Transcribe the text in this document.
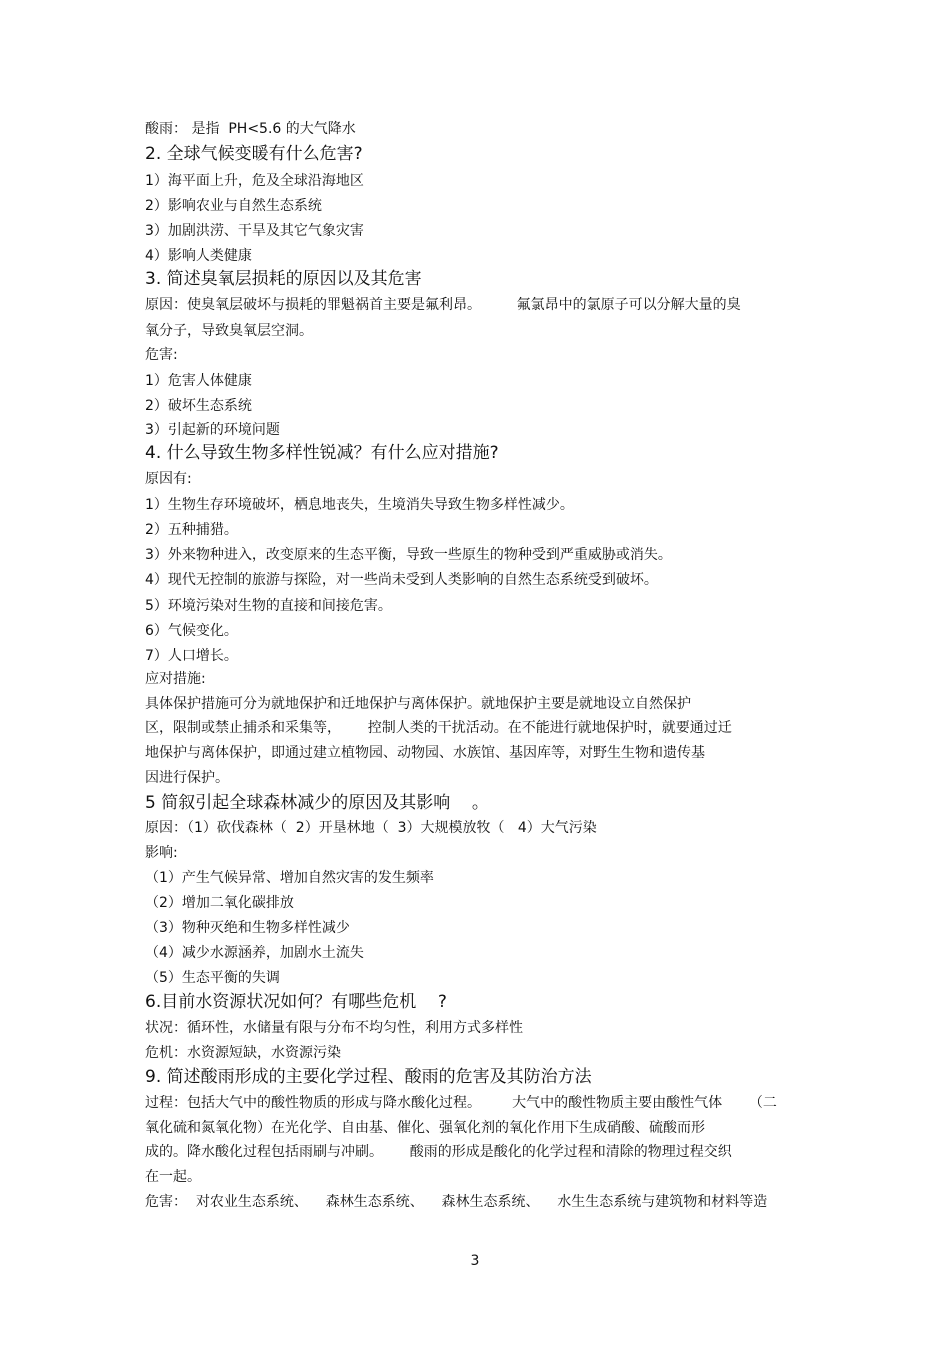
酸雨： 是指  PH<5.6 的大气降水
2. 全球气候变暖有什么危害?
1）海平面上升，危及全球沿海地区
2）影响农业与自然生态系统
3）加剧洪涝、干旱及其它气象灾害
4）影响人类健康
3. 简述臭氧层损耗的原因以及其危害
原因：使臭氧层破坏与损耗的罪魁祸首主要是氟利昂。        氟氯昂中的氯原子可以分解大量的臭
氧分子，导致臭氧层空洞。
危害:
1）危害人体健康
2）破坏生态系统
3）引起新的环境问题
4. 什么导致生物多样性锐减？有什么应对措施?
原因有:
1）生物生存环境破坏，栖息地丧失，生境消失导致生物多样性减少。
2）五种捕猎。
3）外来物种进入，改变原来的生态平衡，导致一些原生的物种受到严重威胁或消失。
4）现代无控制的旅游与探险，对一些尚未受到人类影响的自然生态系统受到破坏。
5）环境污染对生物的直接和间接危害。
6）气候变化。
7）人口增长。
应对措施:
具体保护措施可分为就地保护和迁地保护与离体保护。就地保护主要是就地设立自然保护
区，限制或禁止捕杀和采集等，      控制人类的干扰活动。在不能进行就地保护时，就要通过迁
地保护与离体保护，即通过建立植物园、动物园、水族馆、基因库等，对野生生物和遗传基
因进行保护。
5 简叙引起全球森林减少的原因及其影响    。
原因：（1）砍伐森林（  2）开垦林地（  3）大规模放牧（   4）大气污染
影响:
（1）产生气候异常、增加自然灾害的发生频率
（2）增加二氧化碳排放
（3）物种灭绝和生物多样性减少
（4）减少水源涵养，加剧水土流失
（5）生态平衡的失调
6.目前水资源状况如何？有哪些危机    ?
状况：循环性，水储量有限与分布不均匀性，利用方式多样性
危机：水资源短缺，水资源污染
9. 简述酸雨形成的主要化学过程、酸雨的危害及其防治方法
过程：包括大气中的酸性物质的形成与降水酸化过程。       大气中的酸性物质主要由酸性气体      （二
氧化硫和氮氧化物）在光化学、自由基、催化、强氧化剂的氧化作用下生成硝酸、硫酸而形
成的。降水酸化过程包括雨刷与冲刷。      酸雨的形成是酸化的化学过程和清除的物理过程交织
在一起。
危害：  对农业生态系统、    森林生态系统、    森林生态系统、    水生生态系统与建筑物和材料等造
3
